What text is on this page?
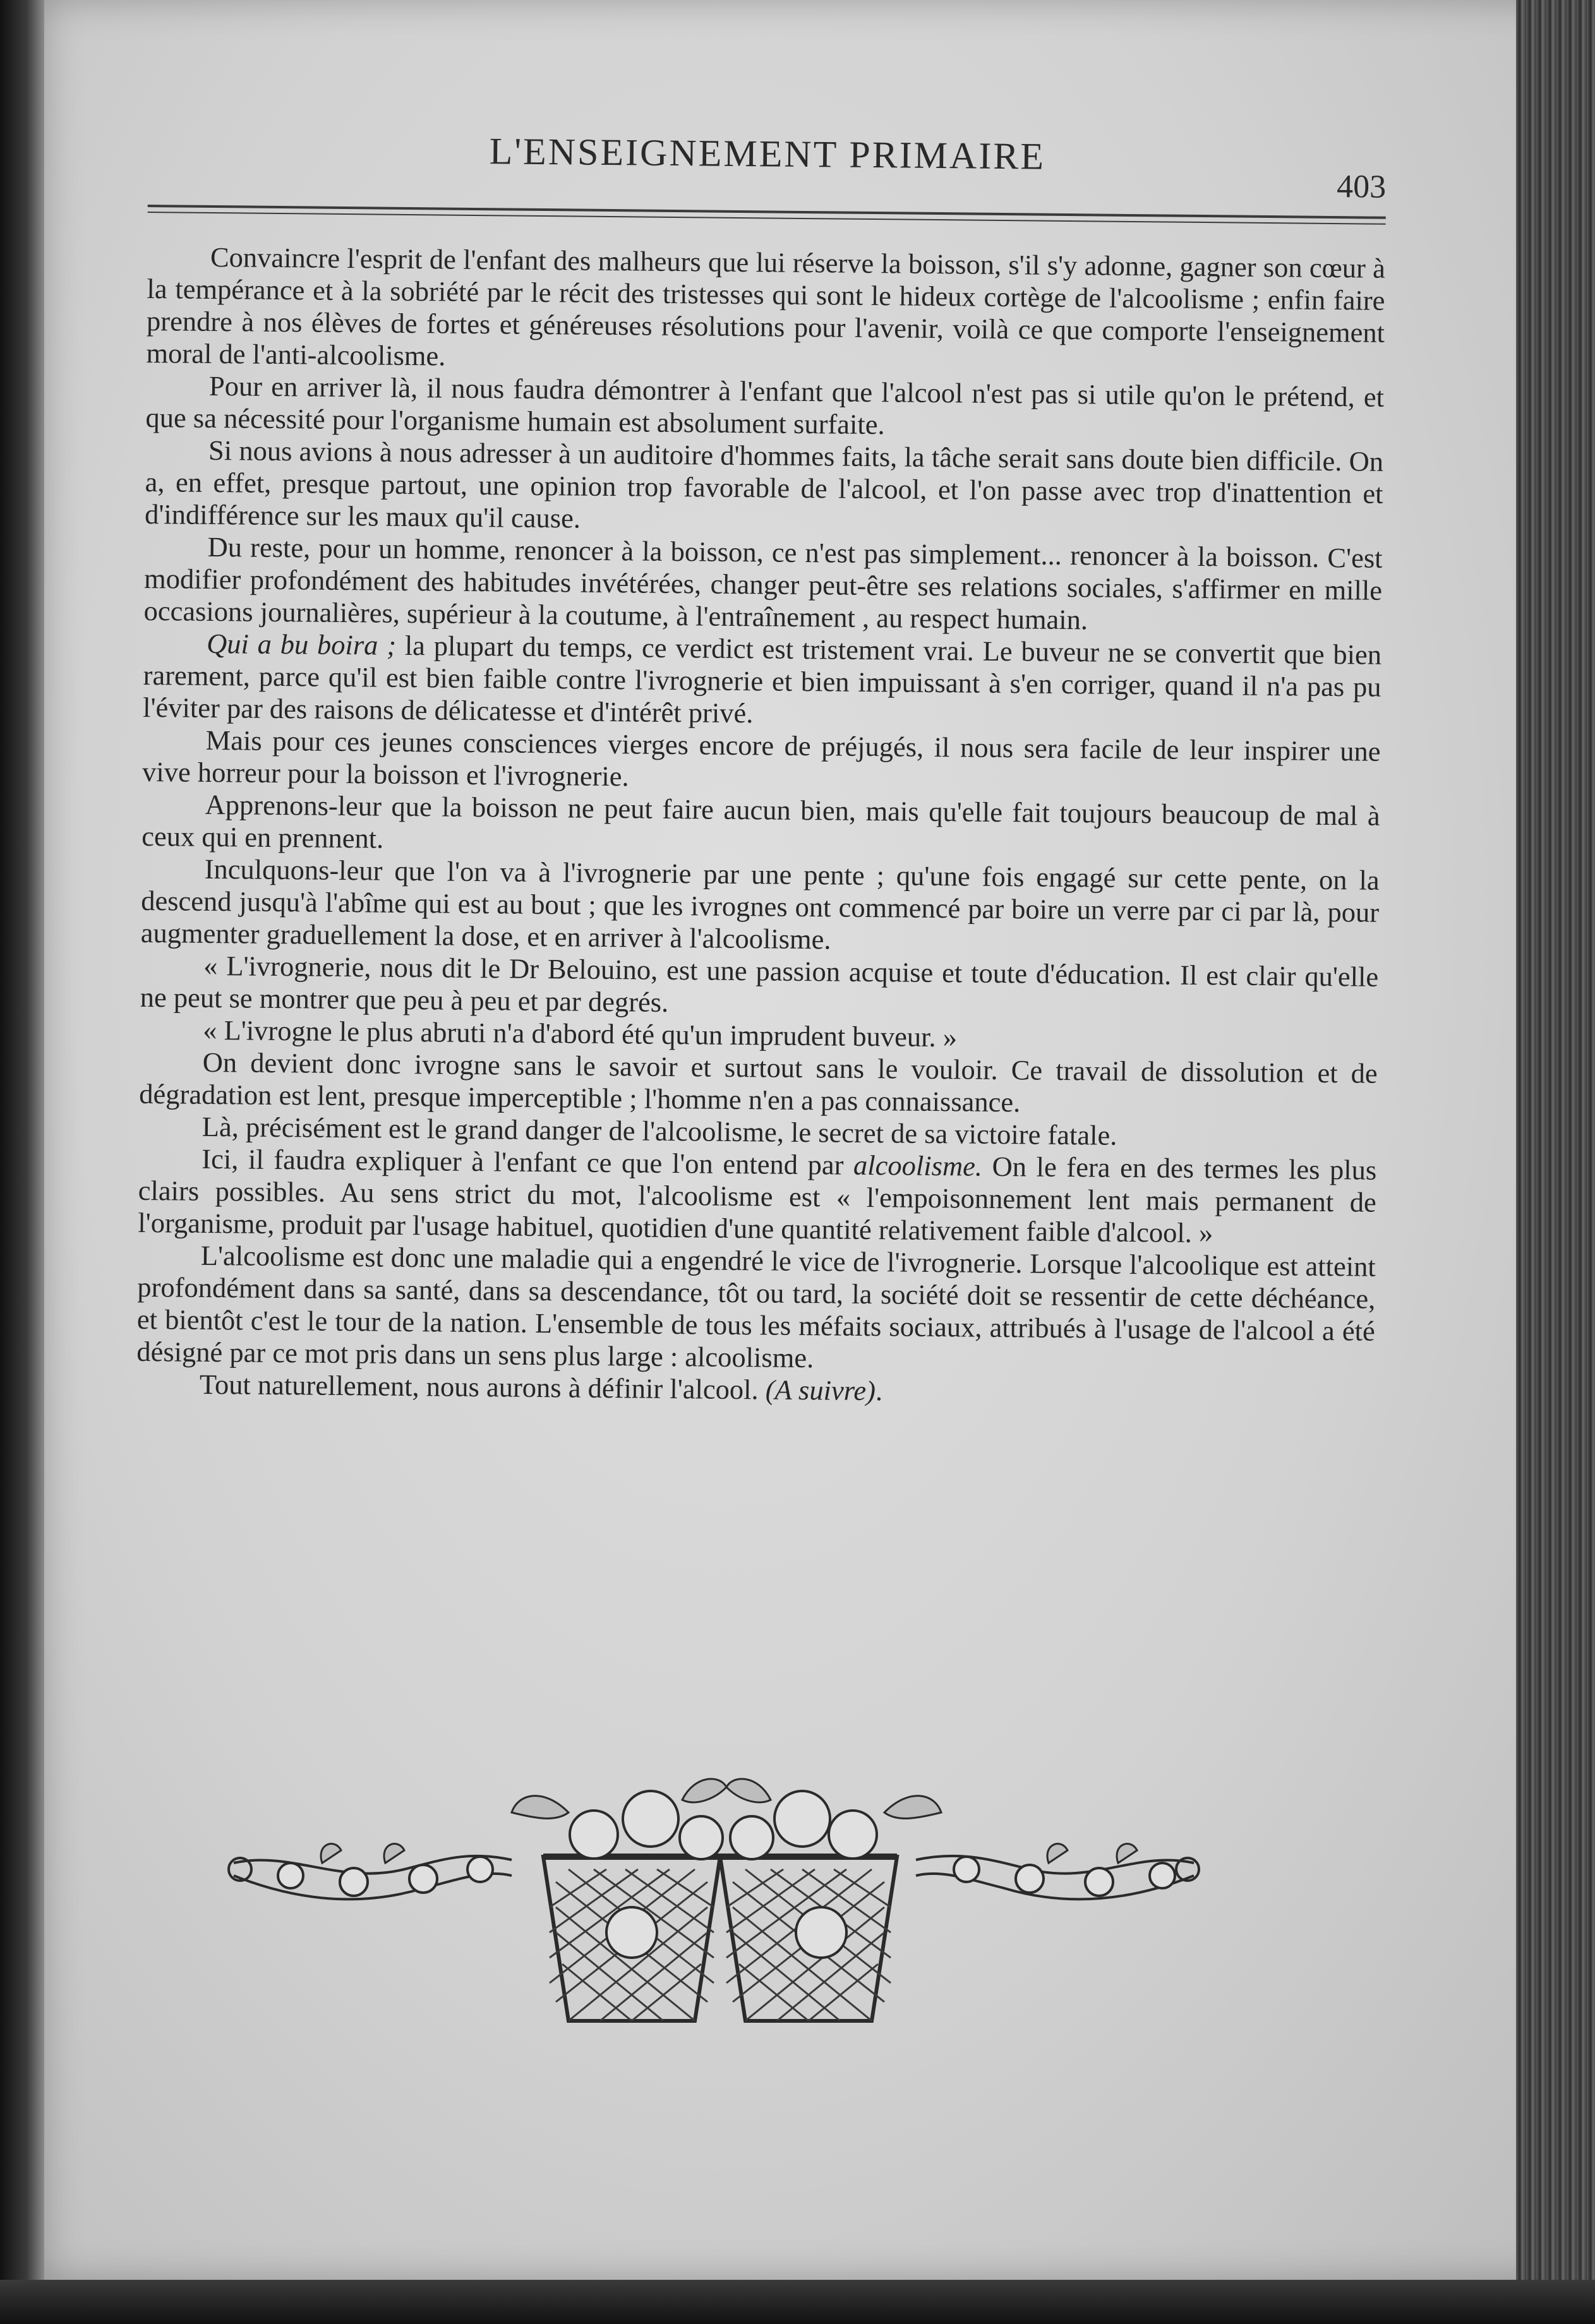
L'ENSEIGNEMENT PRIMAIRE
403

Convaincre l'esprit de l'enfant des malheurs que lui réserve la boisson, s'il s'y adonne, gagner son cœur à la tempérance et à la sobriété par le récit des tristesses qui sont le hideux cortège de l'alcoolisme ; enfin faire prendre à nos élèves de fortes et généreuses résolutions pour l'avenir, voilà ce que comporte l'enseignement moral de l'anti-alcoolisme.

Pour en arriver là, il nous faudra démontrer à l'enfant que l'alcool n'est pas si utile qu'on le prétend, et que sa nécessité pour l'organisme humain est absolument surfaite.

Si nous avions à nous adresser à un auditoire d'hommes faits, la tâche serait sans doute bien difficile. On a, en effet, presque partout, une opinion trop favorable de l'alcool, et l'on passe avec trop d'inattention et d'indifférence sur les maux qu'il cause.

Du reste, pour un homme, renoncer à la boisson, ce n'est pas simplement... renoncer à la boisson. C'est modifier profondément des habitudes invétérées, changer peut-être ses relations sociales, s'affirmer en mille occasions journalières, supérieur à la coutume, à l'entraînement , au respect humain.

Qui a bu boira ; la plupart du temps, ce verdict est tristement vrai. Le buveur ne se convertit que bien rarement, parce qu'il est bien faible contre l'ivrognerie et bien impuissant à s'en corriger, quand il n'a pas pu l'éviter par des raisons de délicatesse et d'intérêt privé.

Mais pour ces jeunes consciences vierges encore de préjugés, il nous sera facile de leur inspirer une vive horreur pour la boisson et l'ivrognerie.

Apprenons-leur que la boisson ne peut faire aucun bien, mais qu'elle fait toujours beaucoup de mal à ceux qui en prennent.

Inculquons-leur que l'on va à l'ivrognerie par une pente ; qu'une fois engagé sur cette pente, on la descend jusqu'à l'abîme qui est au bout ; que les ivrognes ont commencé par boire un verre par ci par là, pour augmenter graduellement la dose, et en arriver à l'alcoolisme.

« L'ivrognerie, nous dit le Dr Belouino, est une passion acquise et toute d'éducation. Il est clair qu'elle ne peut se montrer que peu à peu et par degrés.

« L'ivrogne le plus abruti n'a d'abord été qu'un imprudent buveur. »

On devient donc ivrogne sans le savoir et surtout sans le vouloir. Ce travail de dissolution et de dégradation est lent, presque imperceptible ; l'homme n'en a pas connaissance.

Là, précisément est le grand danger de l'alcoolisme, le secret de sa victoire fatale.

Ici, il faudra expliquer à l'enfant ce que l'on entend par alcoolisme. On le fera en des termes les plus clairs possibles. Au sens strict du mot, l'alcoolisme est « l'empoisonnement lent mais permanent de l'organisme, produit par l'usage habituel, quotidien d'une quantité relativement faible d'alcool. »

L'alcoolisme est donc une maladie qui a engendré le vice de l'ivrognerie. Lorsque l'alcoolique est atteint profondément dans sa santé, dans sa descendance, tôt ou tard, la société doit se ressentir de cette déchéance, et bientôt c'est le tour de la nation. L'ensemble de tous les méfaits sociaux, attribués à l'usage de l'alcool a été désigné par ce mot pris dans un sens plus large : alcoolisme.

Tout naturellement, nous aurons à définir l'alcool. (A suivre).
